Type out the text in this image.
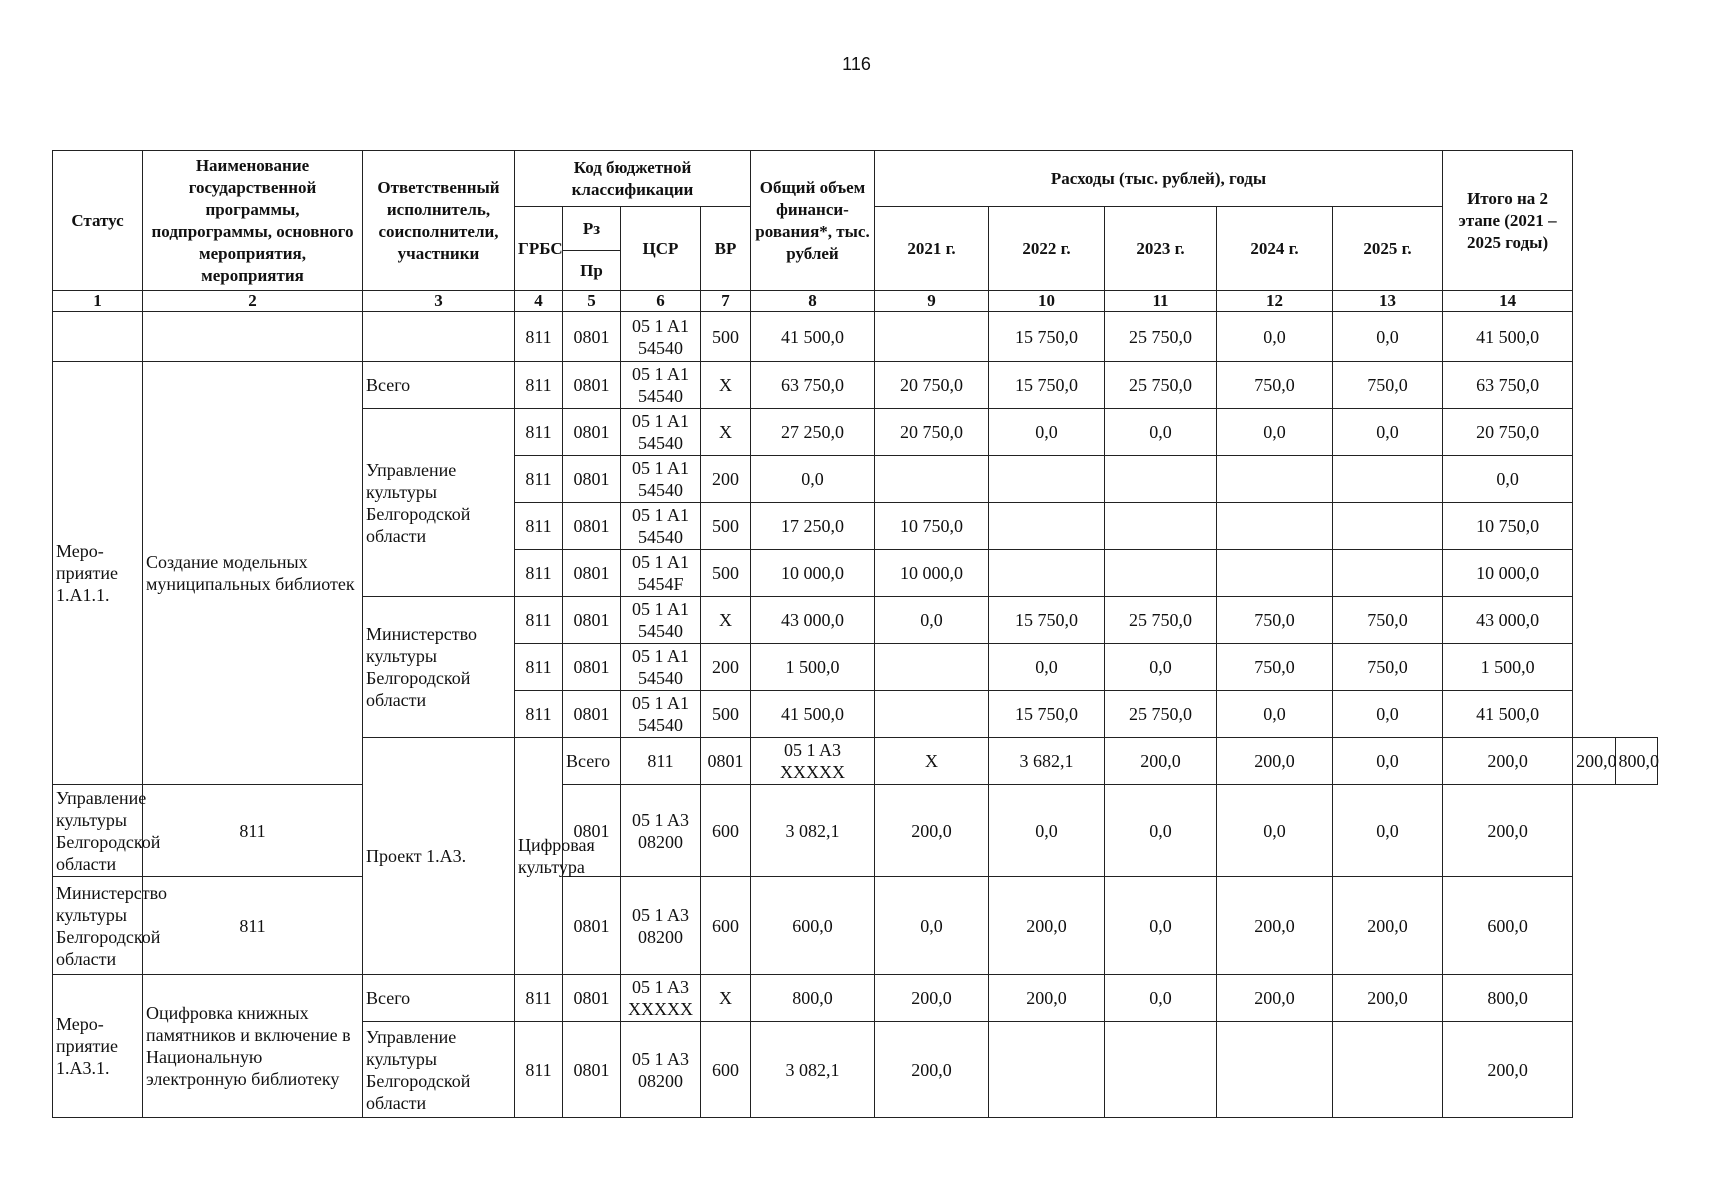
116
Статус	Наименование государственной программы, подпрограммы, основного мероприятия, мероприятия	Ответственный исполнитель, соисполнители, участники	Код бюджетной классификации				Общий объем финанси-рования*, тыс. рублей	Расходы (тыс. рублей), годы					Итого на 2 этапе (2021 – 2025 годы)		
			ГРБС	Рз	ЦСР	ВР		2021 г.	2022 г.	2023 г.	2024 г.	2025 г.			
				Пр											
1	2	3	4	5	6	7	8	9	10	11	12	13	14		
			811	0801	05 1 A1 54540	500	41 500,0		15 750,0	25 750,0	0,0	0,0	41 500,0		
Меро-приятие 1.А1.1.	Создание модельных муниципальных библиотек	Всего	811	0801	05 1 A1 54540	X	63 750,0	20 750,0	15 750,0	25 750,0	750,0	750,0	63 750,0		
		Управление культуры Белгородской области	811	0801	05 1 A1 54540	X	27 250,0	20 750,0	0,0	0,0	0,0	0,0	20 750,0		
			811	0801	05 1 A1 54540	200	0,0						0,0		
			811	0801	05 1 A1 54540	500	17 250,0	10 750,0					10 750,0		
			811	0801	05 1 A1 5454F	500	10 000,0	10 000,0					10 000,0		
		Министерство культуры Белгородской области	811	0801	05 1 A1 54540	X	43 000,0	0,0	15 750,0	25 750,0	750,0	750,0	43 000,0		
			811	0801	05 1 A1 54540	200	1 500,0		0,0	0,0	750,0	750,0	1 500,0		
			811	0801	05 1 A1 54540	500	41 500,0		15 750,0	25 750,0	0,0	0,0	41 500,0		
		Проект 1.А3.	Цифровая культура	Всего	811	0801	05 1 A3 XXXXX	X	3 682,1	200,0	200,0	0,0	200,0	200,0	800,0
Управление культуры Белгородской области	811			0801	05 1 A3 08200	600	3 082,1	200,0	0,0	0,0	0,0	0,0	200,0		
Министерство культуры Белгородской области	811			0801	05 1 A3 08200	600	600,0	0,0	200,0	0,0	200,0	200,0	600,0		
Меро-приятие 1.А3.1.	Оцифровка книжных памятников и включение в Национальную электронную библиотеку	Всего	811	0801	05 1 A3 XXXXX	X	800,0	200,0	200,0	0,0	200,0	200,0	800,0		
		Управление культуры Белгородской области	811	0801	05 1 A3 08200	600	3 082,1	200,0					200,0		
